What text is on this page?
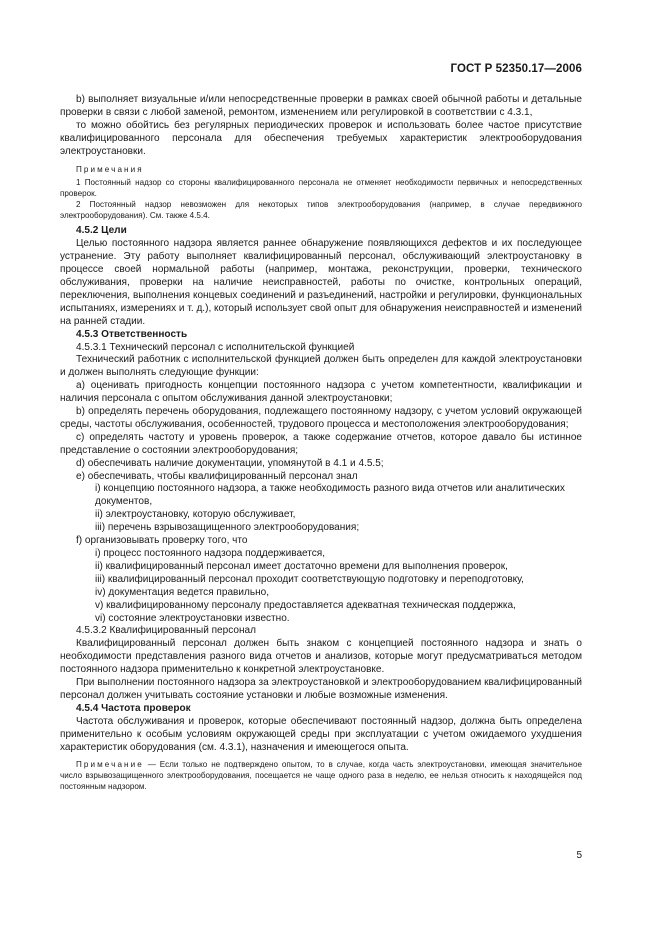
ГОСТ Р 52350.17—2006

b) выполняет визуальные и/или непосредственные проверки в рамках своей обычной работы и детальные проверки в связи с любой заменой, ремонтом, изменением или регулировкой в соответствии с 4.3.1,

то можно обойтись без регулярных периодических проверок и использовать более частое присутствие квалифицированного персонала для обеспечения требуемых характеристик электрооборудования электроустановки.

Примечания

1 Постоянный надзор со стороны квалифицированного персонала не отменяет необходимости первичных и непосредственных проверок.

2 Постоянный надзор невозможен для некоторых типов электрооборудования (например, в случае передвижного электрооборудования). См. также 4.5.4.

4.5.2 Цели

Целью постоянного надзора является раннее обнаружение появляющихся дефектов и их последующее устранение. Эту работу выполняет квалифицированный персонал, обслуживающий электроустановку в процессе своей нормальной работы (например, монтажа, реконструкции, проверки, технического обслуживания, проверки на наличие неисправностей, работы по очистке, контрольных операций, переключения, выполнения концевых соединений и разъединений, настройки и регулировки, функциональных испытаниях, измерениях и т. д.), который использует свой опыт для обнаружения неисправностей и изменений на ранней стадии.

4.5.3 Ответственность

4.5.3.1 Технический персонал с исполнительской функцией

Технический работник с исполнительской функцией должен быть определен для каждой электроустановки и должен выполнять следующие функции:

a) оценивать пригодность концепции постоянного надзора с учетом компетентности, квалификации и наличия персонала с опытом обслуживания данной электроустановки;

b) определять перечень оборудования, подлежащего постоянному надзору, с учетом условий окружающей среды, частоты обслуживания, особенностей, трудового процесса и местоположения электрооборудования;

c) определять частоту и уровень проверок, а также содержание отчетов, которое давало бы истинное представление о состоянии электрооборудования;

d) обеспечивать наличие документации, упомянутой в 4.1 и 4.5.5;

e) обеспечивать, чтобы квалифицированный персонал знал

i) концепцию постоянного надзора, а также необходимость разного вида отчетов или аналитических документов,

ii) электроустановку, которую обслуживает,

iii) перечень взрывозащищенного электрооборудования;

f) организовывать проверку того, что

i) процесс постоянного надзора поддерживается,

ii) квалифицированный персонал имеет достаточно времени для выполнения проверок,

iii) квалифицированный персонал проходит соответствующую подготовку и переподготовку,

iv) документация ведется правильно,

v) квалифицированному персоналу предоставляется адекватная техническая поддержка,

vi) состояние электроустановки известно.

4.5.3.2 Квалифицированный персонал

Квалифицированный персонал должен быть знаком с концепцией постоянного надзора и знать о необходимости представления разного вида отчетов и анализов, которые могут предусматриваться методом постоянного надзора применительно к конкретной электроустановке.

При выполнении постоянного надзора за электроустановкой и электрооборудованием квалифицированный персонал должен учитывать состояние установки и любые возможные изменения.

4.5.4 Частота проверок

Частота обслуживания и проверок, которые обеспечивают постоянный надзор, должна быть определена применительно к особым условиям окружающей среды при эксплуатации с учетом ожидаемого ухудшения характеристик оборудования (см. 4.3.1), назначения и имеющегося опыта.

Примечание — Если только не подтверждено опытом, то в случае, когда часть электроустановки, имеющая значительное число взрывозащищенного электрооборудования, посещается не чаще одного раза в неделю, ее нельзя относить к находящейся под постоянным надзором.

5
